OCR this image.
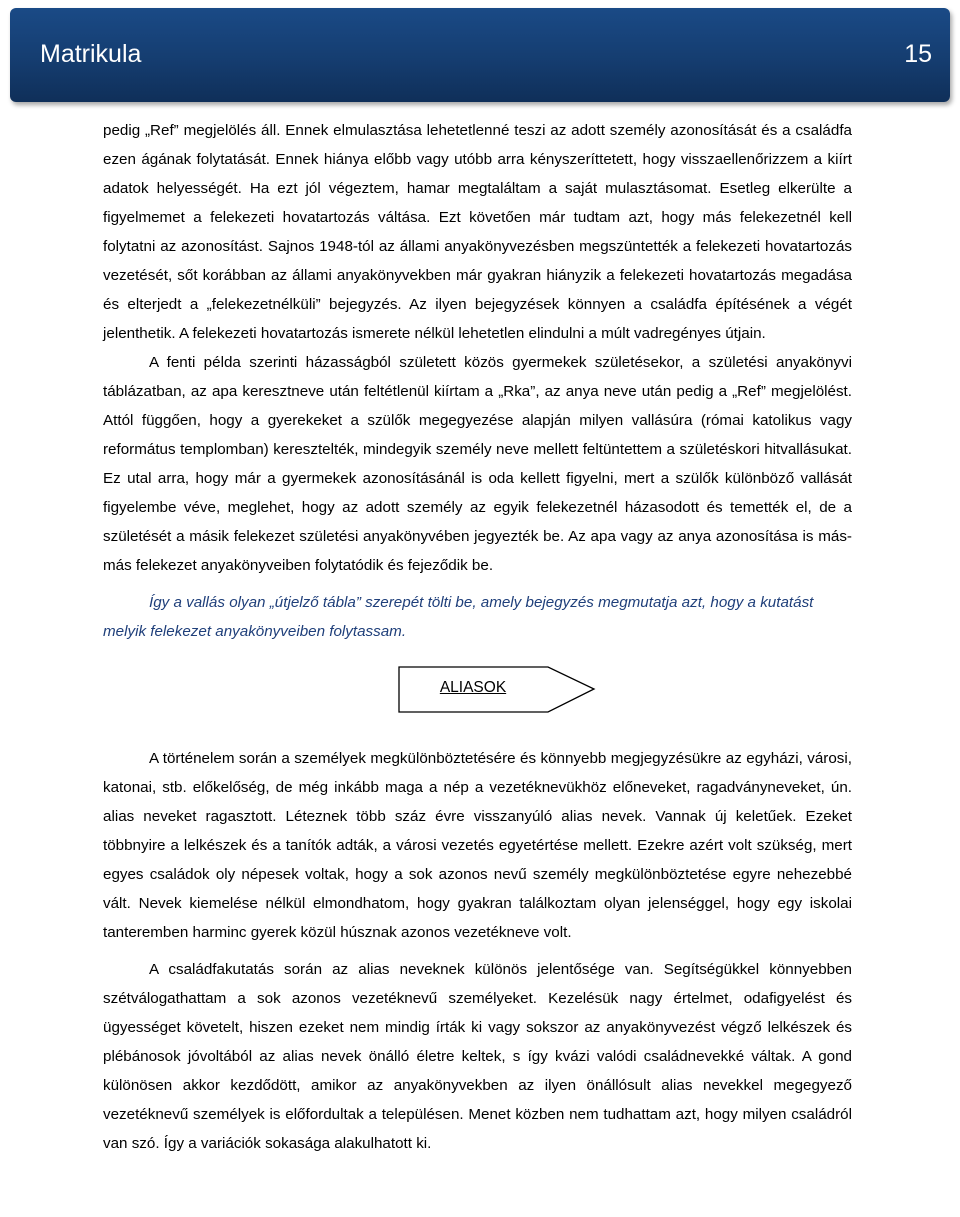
Matrikula	15

pedig „Ref” megjelölés áll. Ennek elmulasztása lehetetlenné teszi az adott személy azonosítását és a családfa ezen ágának folytatását. Ennek hiánya előbb vagy utóbb arra kényszeríttetett, hogy visszaellenőrizzem a kiírt adatok helyességét. Ha ezt jól végeztem, hamar megtaláltam a saját mulasztásomat. Esetleg elkerülte a figyelmemet a felekezeti hovatartozás váltása. Ezt követően már tudtam azt, hogy más felekezetnél kell folytatni az azonosítást. Sajnos 1948-tól az állami anyakönyvezésben megszüntették a felekezeti hovatartozás vezetését, sőt korábban az állami anyakönyvekben már gyakran hiányzik a felekezeti hovatartozás megadása és elterjedt a „felekezetnélküli” bejegyzés. Az ilyen bejegyzések könnyen a családfa építésének a végét jelenthetik. A felekezeti hovatartozás ismerete nélkül lehetetlen elindulni a múlt vadregényes útjain.

A fenti példa szerinti házasságból született közös gyermekek születésekor, a születési anyakönyvi táblázatban, az apa keresztneve után feltétlenül kiírtam a „Rka”, az anya neve után pedig a „Ref” megjelölést. Attól függően, hogy a gyerekeket a szülők megegyezése alapján milyen vallásúra (római katolikus vagy református templomban) keresztelték, mindegyik személy neve mellett feltüntettem a születéskori hitvallásukat. Ez utal arra, hogy már a gyermekek azonosításánál is oda kellett figyelni, mert a szülők különböző vallását figyelembe véve, meglehet, hogy az adott személy az egyik felekezetnél házasodott és temették el, de a születését a másik felekezet születési anyakönyvében jegyezték be. Az apa vagy az anya azonosítása is más-más felekezet anyakönyveiben folytatódik és fejeződik be.

Így a vallás olyan „útjelző tábla” szerepét tölti be, amely bejegyzés megmutatja azt, hogy a kutatást melyik felekezet anyakönyveiben folytassam.

ALIASOK

A történelem során a személyek megkülönböztetésére és könnyebb megjegyzésükre az egyházi, városi, katonai, stb. előkelőség, de még inkább maga a nép a vezetéknevükhöz előneveket, ragadványneveket, ún. alias neveket ragasztott. Léteznek több száz évre visszanyúló alias nevek. Vannak új keletűek. Ezeket többnyire a lelkészek és a tanítók adták, a városi vezetés egyetértése mellett. Ezekre azért volt szükség, mert egyes családok oly népesek voltak, hogy a sok azonos nevű személy megkülönböztetése egyre nehezebbé vált. Nevek kiemelése nélkül elmondhatom, hogy gyakran találkoztam olyan jelenséggel, hogy egy iskolai tanteremben harminc gyerek közül húsznak azonos vezetékneve volt.

A családfakutatás során az alias neveknek különös jelentősége van. Segítségükkel könnyebben szétválogathattam a sok azonos vezetéknevű személyeket. Kezelésük nagy értelmet, odafigyelést és ügyességet követelt, hiszen ezeket nem mindig írták ki vagy sokszor az anyakönyvezést végző lelkészek és plébánosok jóvoltából az alias nevek önálló életre keltek, s így kvázi valódi családnevekké váltak. A gond különösen akkor kezdődött, amikor az anyakönyvekben az ilyen önállósult alias nevekkel megegyező vezetéknevű személyek is előfordultak a településen. Menet közben nem tudhattam azt, hogy milyen családról van szó. Így a variációk sokasága alakulhatott ki.
